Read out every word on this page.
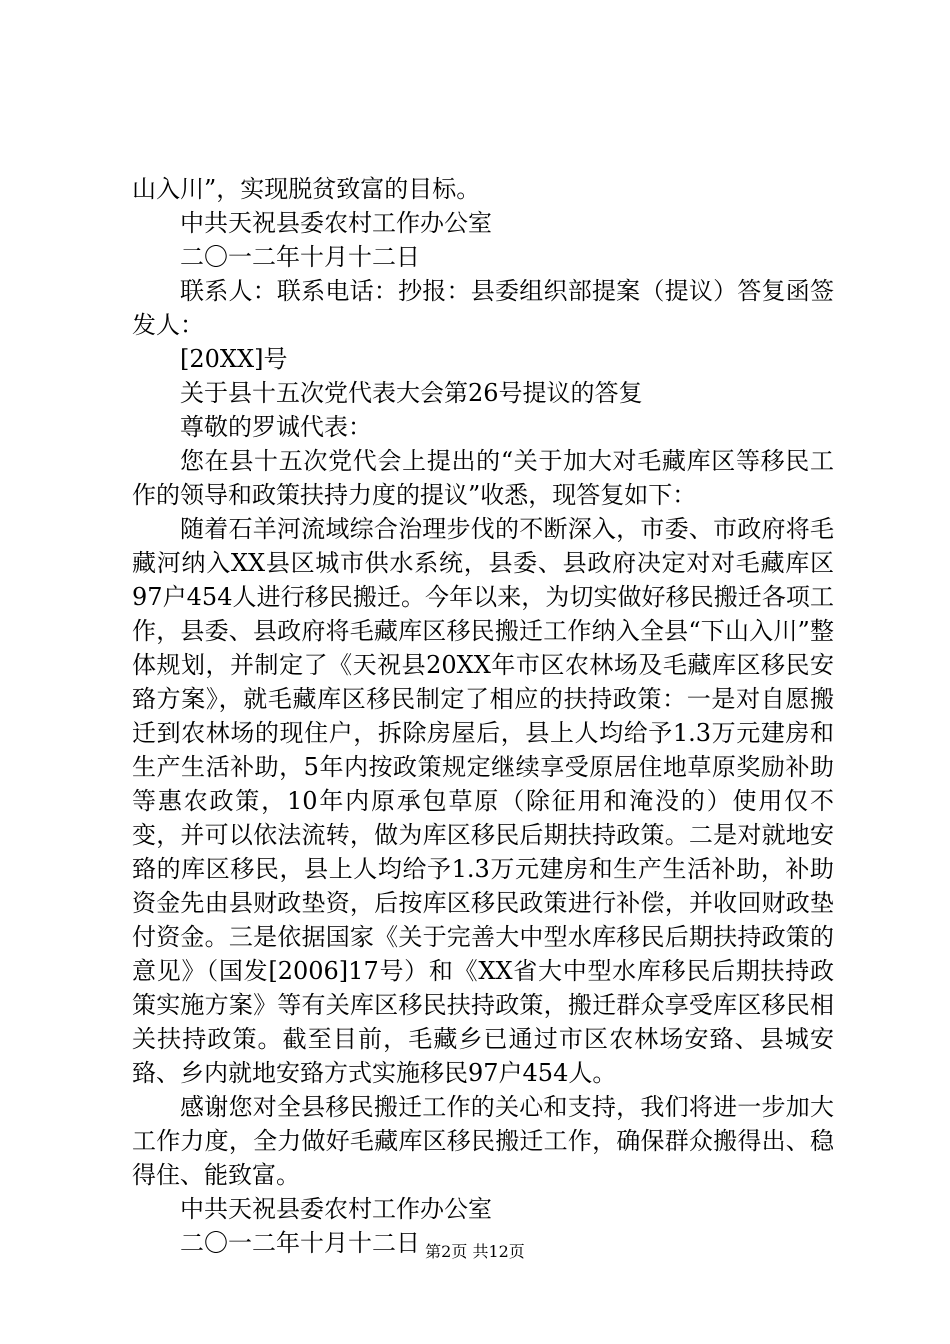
山入川”，实现脱贫致富的目标。

中共天祝县委农村工作办公室

二〇一二年十月十二日

联系人：联系电话：抄报：县委组织部提案（提议）答复函签发人：

[20XX]号

关于县十五次党代表大会第26号提议的答复

尊敬的罗诚代表：

您在县十五次党代会上提出的“关于加大对毛藏库区等移民工作的领导和政策扶持力度的提议”收悉，现答复如下：

随着石羊河流域综合治理步伐的不断深入，市委、市政府将毛藏河纳入XX县区城市供水系统，县委、县政府决定对对毛藏库区97户454人进行移民搬迁。今年以来，为切实做好移民搬迁各项工作，县委、县政府将毛藏库区移民搬迁工作纳入全县“下山入川”整体规划，并制定了《天祝县20XX年市区农林场及毛藏库区移民安臵方案》，就毛藏库区移民制定了相应的扶持政策：一是对自愿搬迁到农林场的现住户，拆除房屋后，县上人均给予1.3万元建房和生产生活补助，5年内按政策规定继续享受原居住地草原奖励补助等惠农政策，10年内原承包草原（除征用和淹没的）使用仅不变，并可以依法流转，做为库区移民后期扶持政策。二是对就地安臵的库区移民，县上人均给予1.3万元建房和生产生活补助，补助资金先由县财政垫资，后按库区移民政策进行补偿，并收回财政垫付资金。三是依据国家《关于完善大中型水库移民后期扶持政策的意见》（国发[2006]17号）和《XX省大中型水库移民后期扶持政策实施方案》等有关库区移民扶持政策，搬迁群众享受库区移民相关扶持政策。截至目前，毛藏乡已通过市区农林场安臵、县城安臵、乡内就地安臵方式实施移民97户454人。

感谢您对全县移民搬迁工作的关心和支持，我们将进一步加大工作力度，全力做好毛藏库区移民搬迁工作，确保群众搬得出、稳得住、能致富。

中共天祝县委农村工作办公室

二〇一二年十月十二日 第2页 共12页
